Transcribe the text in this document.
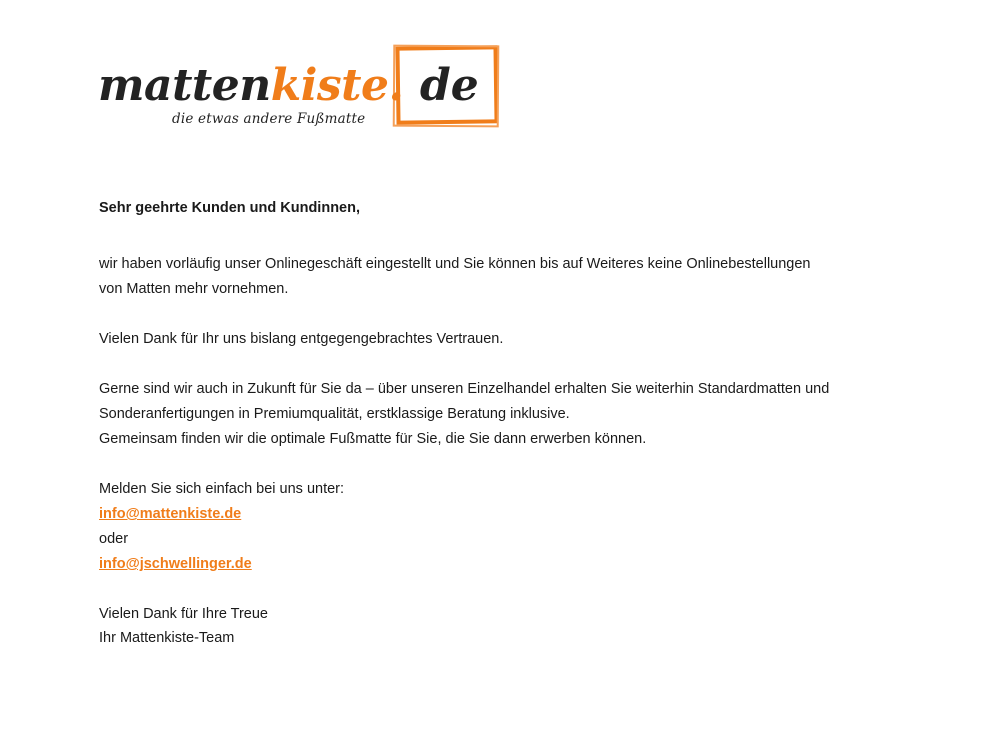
mattenkiste. de
die etwas andere Fußmatte

Sehr geehrte Kunden und Kundinnen,

wir haben vorläufig unser Onlinegeschäft eingestellt und Sie können bis auf Weiteres keine Onlinebestellungen

von Matten mehr vornehmen.

Vielen Dank für Ihr uns bislang entgegengebrachtes Vertrauen.

Gerne sind wir auch in Zukunft für Sie da – über unseren Einzelhandel erhalten Sie weiterhin Standardmatten und

Sonderanfertigungen in Premiumqualität, erstklassige Beratung inklusive.

Gemeinsam finden wir die optimale Fußmatte für Sie, die Sie dann erwerben können.

Melden Sie sich einfach bei uns unter:

info@mattenkiste.de

oder

info@jschwellinger.de

Vielen Dank für Ihre Treue

Ihr Mattenkiste-Team
